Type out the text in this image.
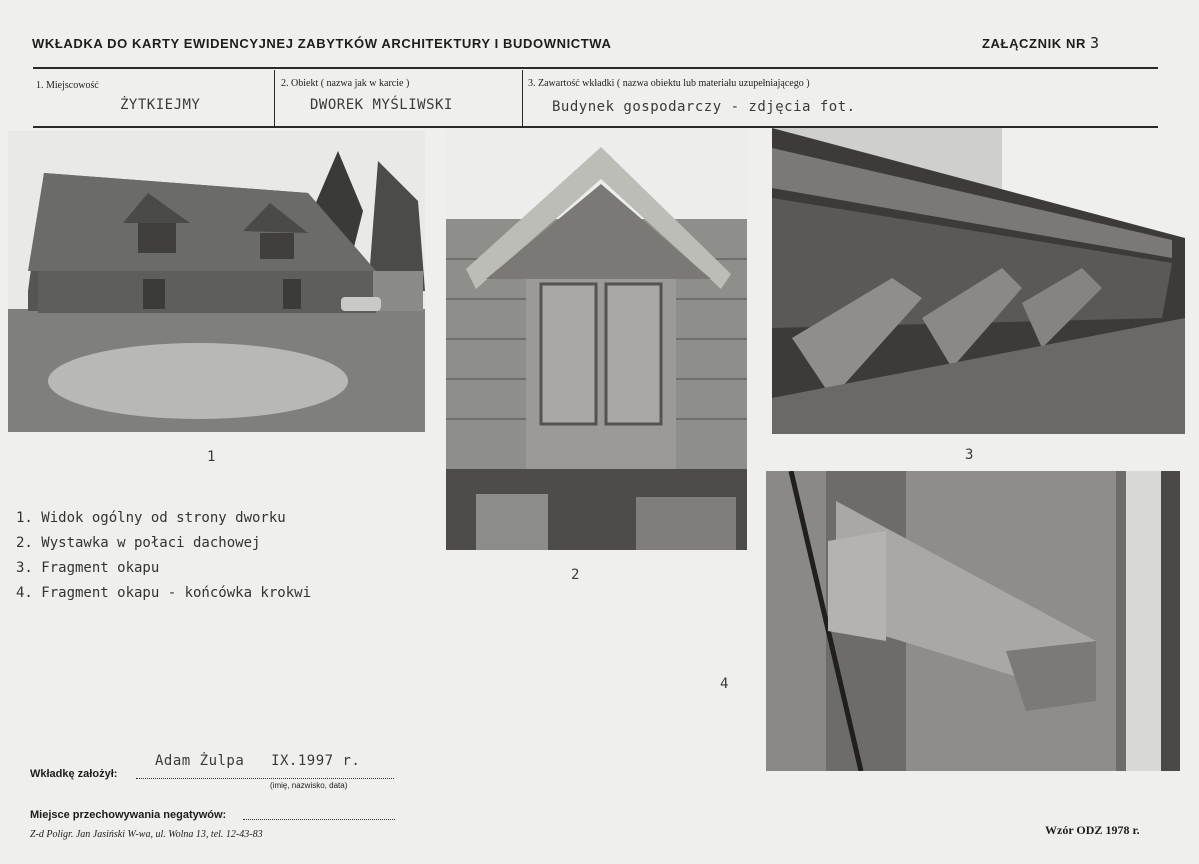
WKŁADKA DO KARTY EWIDENCYJNEJ ZABYTKÓW ARCHITEKTURY I BUDOWNICTWA	ZAŁĄCZNIK NR 3
1. Miejscowość
ŻYTKIEJMY
2. Obiekt ( nazwa jak w karcie )
DWOREK MYŚLIWSKI
3. Zawartość wkładki ( nazwa obiektu lub materiału uzupełniającego )
Budynek gospodarczy - zdjęcia fot.
1
2
3
4
1. Widok ogólny od strony dworku
2. Wystawka w połaci dachowej
3. Fragment okapu
4. Fragment okapu - końcówka krokwi
Adam Żulpa   IX.1997 r.
Wkładkę założył:
(imię, nazwisko, data)
Miejsce przechowywania negatywów:
Z-d Poligr. Jan Jasiński W-wa, ul. Wolna 13, tel. 12-43-83	Wzór ODZ 1978 r.
